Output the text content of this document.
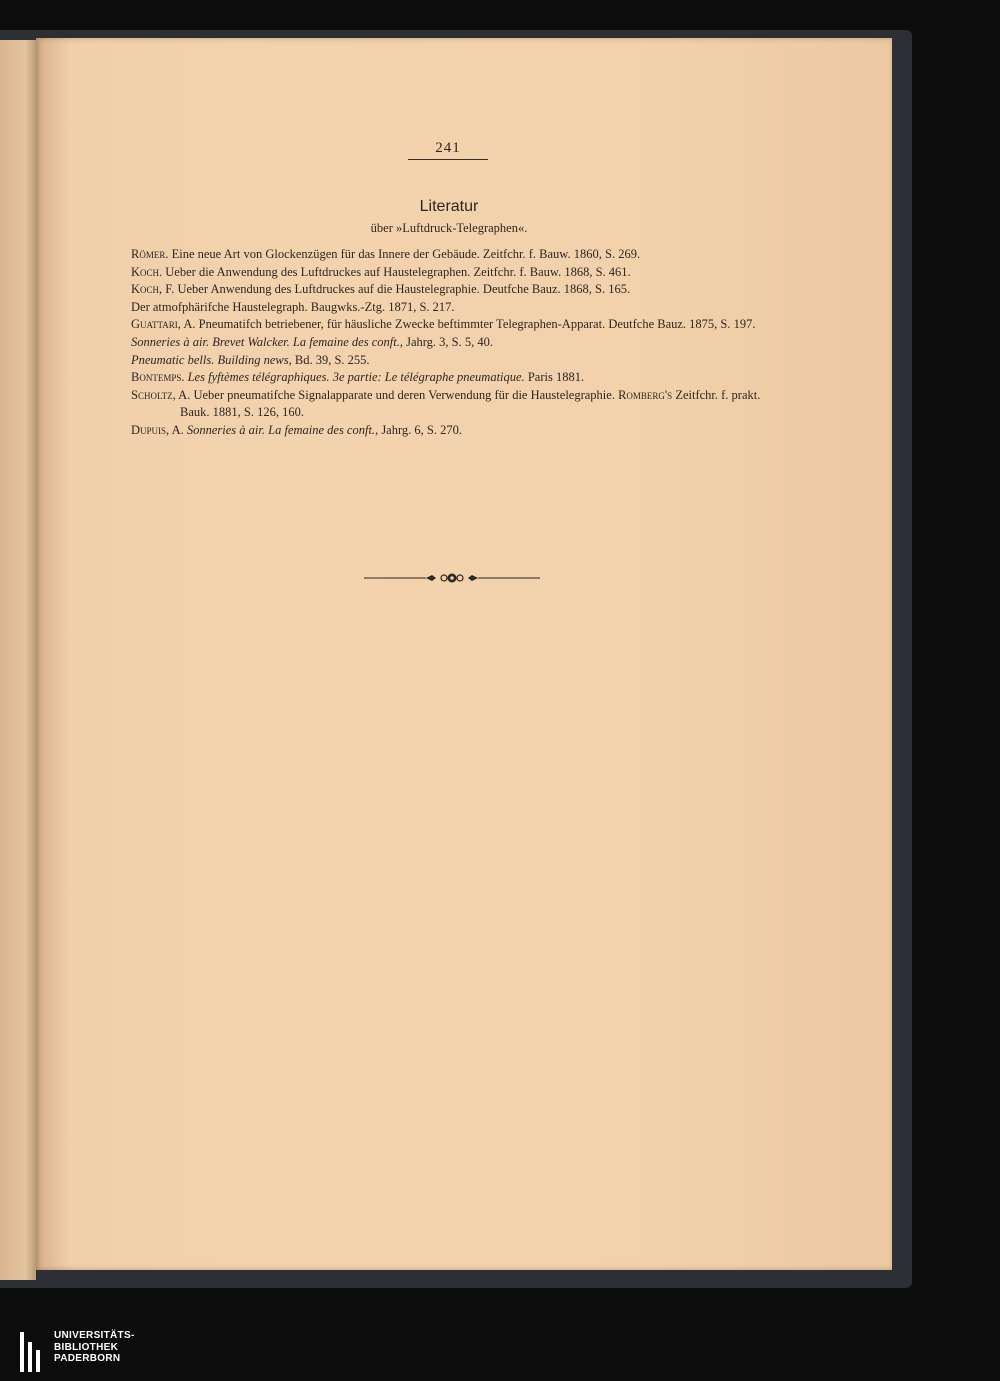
241
Literatur
über »Luftdruck-Telegraphen«.

Römer. Eine neue Art von Glockenzügen für das Innere der Gebäude. Zeitfchr. f. Bauw. 1860, S. 269.

Koch. Ueber die Anwendung des Luftdruckes auf Haustelegraphen. Zeitfchr. f. Bauw. 1868, S. 461.

Koch, F. Ueber Anwendung des Luftdruckes auf die Haustelegraphie. Deutfche Bauz. 1868, S. 165.

Der atmofphärifche Haustelegraph. Baugwks.-Ztg. 1871, S. 217.

Guattari, A. Pneumatifch betriebener, für häusliche Zwecke beftimmter Telegraphen-Apparat. Deutfche Bauz. 1875, S. 197.

Sonneries à air. Brevet Walcker. La femaine des conft., Jahrg. 3, S. 5, 40.

Pneumatic bells. Building news, Bd. 39, S. 255.

Bontemps. Les fyftèmes télégraphiques. 3e partie: Le télégraphe pneumatique. Paris 1881.

Scholtz, A. Ueber pneumatifche Signalapparate und deren Verwendung für die Haustelegraphie. Romberg's Zeitfchr. f. prakt. Bauk. 1881, S. 126, 160.

Dupuis, A. Sonneries à air. La femaine des conft., Jahrg. 6, S. 270.

UNIVERSITÄTS-
BIBLIOTHEK
PADERBORN
